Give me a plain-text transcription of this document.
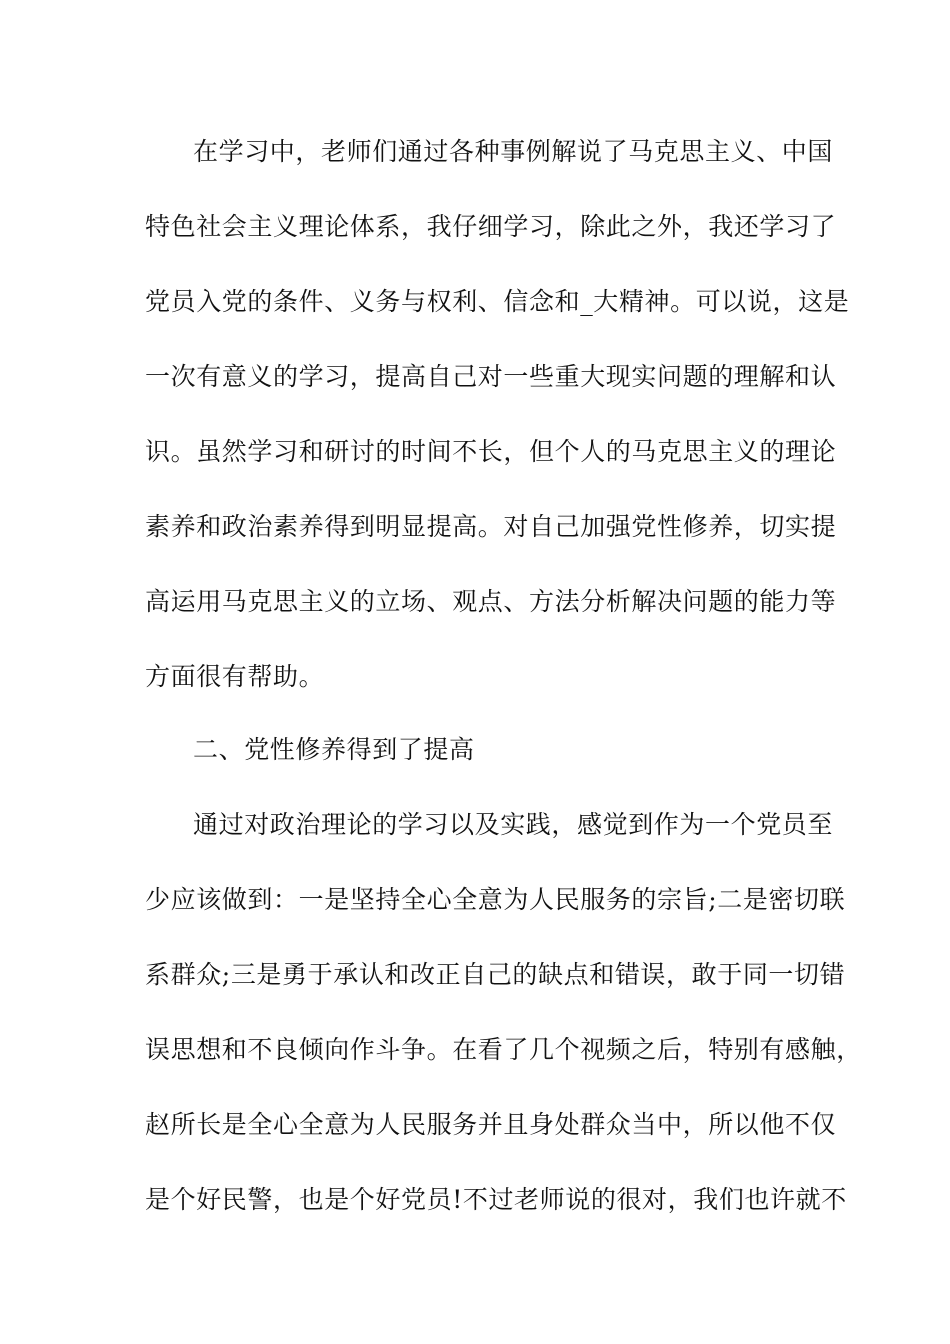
在学习中，老师们通过各种事例解说了马克思主义、中国
特色社会主义理论体系，我仔细学习，除此之外，我还学习了
党员入党的条件、义务与权利、信念和_大精神。可以说，这是
一次有意义的学习，提高自己对一些重大现实问题的理解和认
识。虽然学习和研讨的时间不长，但个人的马克思主义的理论
素养和政治素养得到明显提高。对自己加强党性修养，切实提
高运用马克思主义的立场、观点、方法分析解决问题的能力等
方面很有帮助。
二、党性修养得到了提高
通过对政治理论的学习以及实践，感觉到作为一个党员至
少应该做到：一是坚持全心全意为人民服务的宗旨;二是密切联
系群众;三是勇于承认和改正自己的缺点和错误，敢于同一切错
误思想和不良倾向作斗争。在看了几个视频之后，特别有感触，
赵所长是全心全意为人民服务并且身处群众当中，所以他不仅
是个好民警，也是个好党员!不过老师说的很对，我们也许就不
